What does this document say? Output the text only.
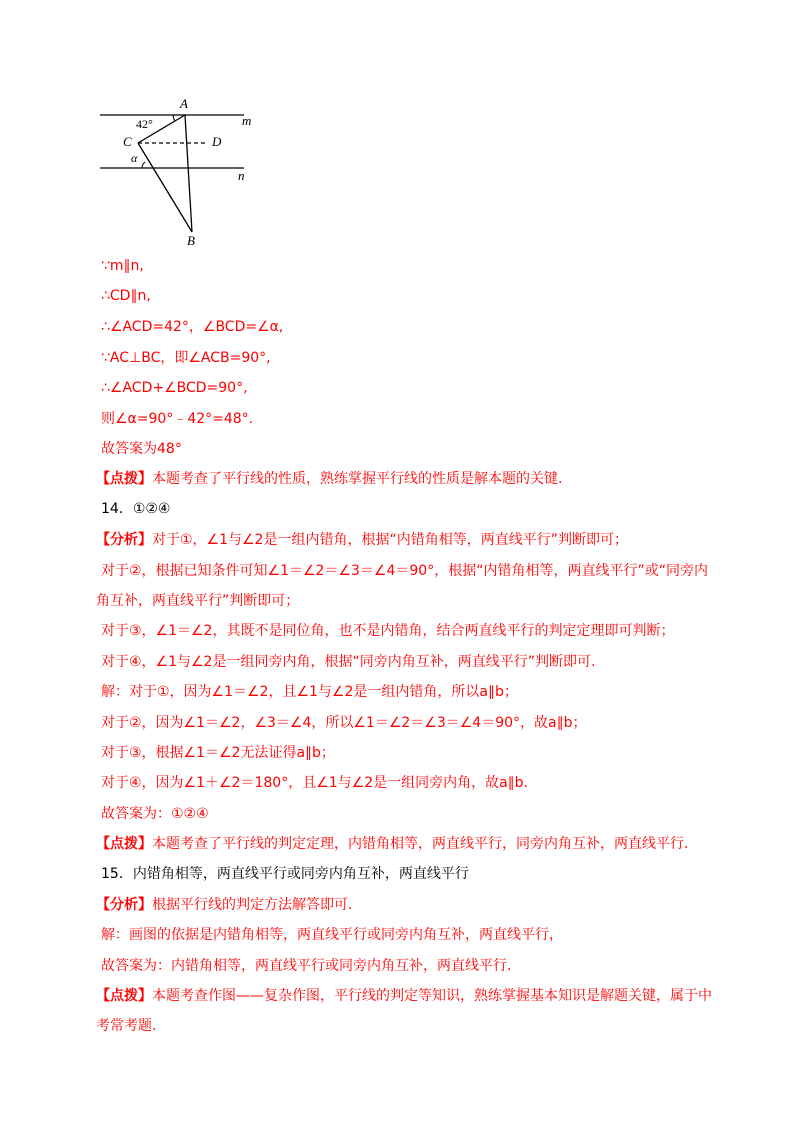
42°
A
m
C	D
α
n
B
∵m∥n,
∴CD∥n,
∴∠ACD=42°，∠BCD=∠α,
∵AC⊥BC，即∠ACB=90°,
∴∠ACD+∠BCD=90°,
则∠α=90°﹣42°=48°.
故答案为48°
【点拨】本题考查了平行线的性质，熟练掌握平行线的性质是解本题的关键.
14．①②④
【分析】对于①，∠1与∠2是一组内错角，根据“内错角相等，两直线平行”判断即可；
对于②，根据已知条件可知∠1＝∠2＝∠3＝∠4＝90°，根据“内错角相等，两直线平行”或“同旁内
角互补，两直线平行”判断即可；
对于③，∠1＝∠2，其既不是同位角，也不是内错角，结合两直线平行的判定定理即可判断；
对于④，∠1与∠2是一组同旁内角，根据“同旁内角互补，两直线平行”判断即可.
解：对于①，因为∠1＝∠2，且∠1与∠2是一组内错角，所以a∥b；
对于②，因为∠1＝∠2，∠3＝∠4，所以∠1＝∠2＝∠3＝∠4＝90°，故a∥b；
对于③，根据∠1＝∠2无法证得a∥b；
对于④，因为∠1＋∠2＝180°，且∠1与∠2是一组同旁内角，故a∥b.
故答案为：①②④
【点拨】本题考查了平行线的判定定理，内错角相等，两直线平行，同旁内角互补，两直线平行.
15．内错角相等，两直线平行或同旁内角互补，两直线平行
【分析】根据平行线的判定方法解答即可.
解：画图的依据是内错角相等，两直线平行或同旁内角互补，两直线平行，
故答案为：内错角相等，两直线平行或同旁内角互补，两直线平行.
【点拨】本题考查作图——复杂作图，平行线的判定等知识，熟练掌握基本知识是解题关键，属于中
考常考题.
